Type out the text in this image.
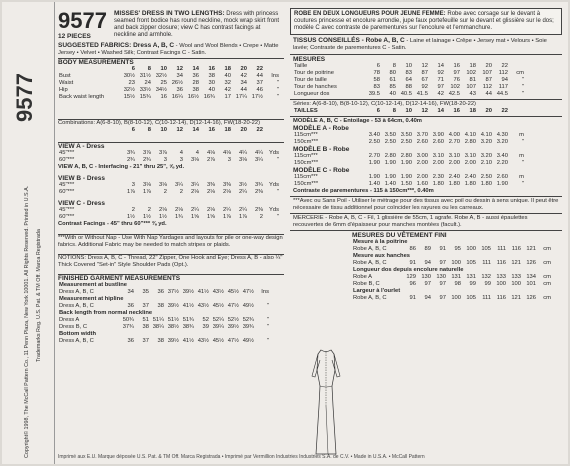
9577
Copyright© 1998, The McCall Pattern Co., 11 Penn Plaza, New York 10001. All Rights Reserved. Printed in U.S.A. Trademarks Reg. U.S. Pat. & TM Off. Marca Registrada
9577
12 PIECES
MISSES' DRESS IN TWO LENGTHS: Dress with princess seamed front bodice has round neckline, mock wrap skirt front and back zipper closure; view C has contrast facings at neckline and armhole.
SUGGESTED FABRICS: Dress A, B, C - Wool and Wool Blends • Crepe • Matte Jersey • Velvet • Washed Silk; Contrast Facings C - Satin.
BODY MEASUREMENTS
	6	8	10	12	14	16	18	20	22	
Bust	30½	31½	32½	34	36	38	40	42	44	Ins
Waist	23	24	25	26½	28	30	32	34	37	"
Hip	32½	33½	34½	36	38	40	42	44	46	"
Back waist length	15½	15¾	16	16¼	16½	16¾	17	17¼	17½	"
Combinations: A(6-8-10), B(8-10-12), C(10-12-14), D(12-14-16), FW(18-20-22)
	6	8	10	12	14	16	18	20	22
VIEW A - Dress
45"***	3¾	3⅞	3⅞	4	4	4⅛	4⅛	4¼	4¼	Yds
60"***	2¾	2¾	3	3	3⅛	2⅞	3	3⅛	3¼	"
VIEW A, B, C - Interfacing - 21" thru 25", ⅝ yd.
VIEW B - Dress
45"***	3	3⅛	3⅛	3¼	3¼	3⅜	3⅜	3½	3¾	Yds
60"***	1⅞	1⅞	2	2	2⅛	2⅛	2⅛	2¼	2⅜	"
VIEW C - Dress
45"***	2	2	2⅛	2⅛	2¼	2⅛	2¼	2¼	2⅜	Yds
60"***	1½	1½	1½	1¾	1⅝	1⅝	1⅞	1⅞	2	"
Contrast Facings - 45" thru 60"*** ⅜ yd.
***With or Without Nap - Use With Nap Yardages and layouts for pile or one-way design fabrics. Additional Fabric may be needed to match stripes or plaids.
NOTIONS: Dress A, B, C - Thread, 22" Zipper, One Hook and Eye; Dress A, B - also ¼" Thick Covered "Set-in" Style Shoulder Pads (Opt.).
FINISHED GARMENT MEASUREMENTS
Measurement at bustline										
Dress A, B, C	34	35	36	37½	39½	41½	43½	45½	47½	Ins
Measurement at hipline										
Dress A, B, C	36	37	38	39½	41½	43½	45½	47½	49½	"
Back length from normal neckline										
Dress A	50¾	51	51¼	51½	51¾	52	52¼	52½	52¾	"
Dress B, C	37¾	38	38¼	38½	38¾	39	39¼	39½	39¾	"
Bottom width										
Dress A, B, C	36	37	38	39½	41½	43½	45½	47½	49½	"
ROBE EN DEUX LONGUEURS POUR JEUNE FEMME: Robe avec corsage sur le devant à coutures princesse et encolure arrondie, jupe faux portefeuille sur le devant et glissière sur le dos; modèle C avec contraste de parementures sur l'encolure et l'emmanchure.
TISSUS CONSEILLÉS - Robe A, B, C - Laine et lainage • Crêpe • Jersey mat • Velours • Soie lavée; Contraste de parementures C - Satin.
MESURES
Taille	6	8	10	12	14	16	18	20	22	
Tour de poitrine	78	80	83	87	92	97	102	107	112	cm
Tour de taille	58	61	64	67	71	76	81	87	94	"
Tour de hanches	83	85	88	92	97	102	107	112	117	"
Longueur dos	39.5	40	40.5	41.5	42	42.5	43	44	44.5	"
Séries: A(6-8-10), B(8-10-12), C(10-12-14), D(12-14-16), FW(18-20-22)
TAILLES	6	8	10	12	14	16	18	20	22
MODÈLE A, B, C - Entoilage - 53 à 64cm, 0.40m
MODÈLE A - Robe
115cm***	3.40	3.50	3.50	3.70	3.90	4.00	4.10	4.10	4.30	m
150cm***	2.50	2.50	2.50	2.60	2.60	2.70	2.80	3.20	3.20	"
MODÈLE B - Robe
115cm***	2.70	2.80	2.80	3.00	3.10	3.10	3.10	3.20	3.40	m
150cm***	1.90	1.90	1.90	2.00	2.00	2.00	2.00	2.10	2.20	"
MODÈLE C - Robe
115cm***	1.90	1.90	1.90	2.00	2.30	2.40	2.40	2.50	2.60	m
150cm***	1.40	1.40	1.50	1.60	1.80	1.80	1.80	1.80	1.90	"
Contraste de parementures - 115 à 150cm***, 0.40m
***Avec ou Sans Poil - Utiliser le métrage pour des tissus avec poil ou dessin à sens unique. Il peut être nécessaire de tissu additionnel pour coïncider les rayures ou les carreaux.
MERCERIE - Robe A, B, C - Fil, 1 glissière de 55cm, 1 agrafe. Robe A, B - aussi épaulettes recouvertes de 6mm d'épaisseur pour manches montées (facult.).
MESURES DU VÊTEMENT FINI
Mesure à la poitrine										
Robe A, B, C	86	89	91	95	100	105	111	116	121	cm
Mesure aux hanches										
Robe A, B, C	91	94	97	100	105	111	116	121	126	cm
Longueur dos depuis encolure naturelle										
Robe A	129	130	130	131	131	132	133	133	134	cm
Robe B, C	96	97	97	98	99	99	100	100	101	cm
Largeur à l'ourlet										
Robe A, B, C	91	94	97	100	105	111	116	121	126	cm
Imprimé aux E.U. Marque déposée U.S. Pat. & TM Off. Marca Registrada • Imprimé par Vermillion Industries Industries S.A. de C.V. • Made in U.S.A. • McCall Pattern
